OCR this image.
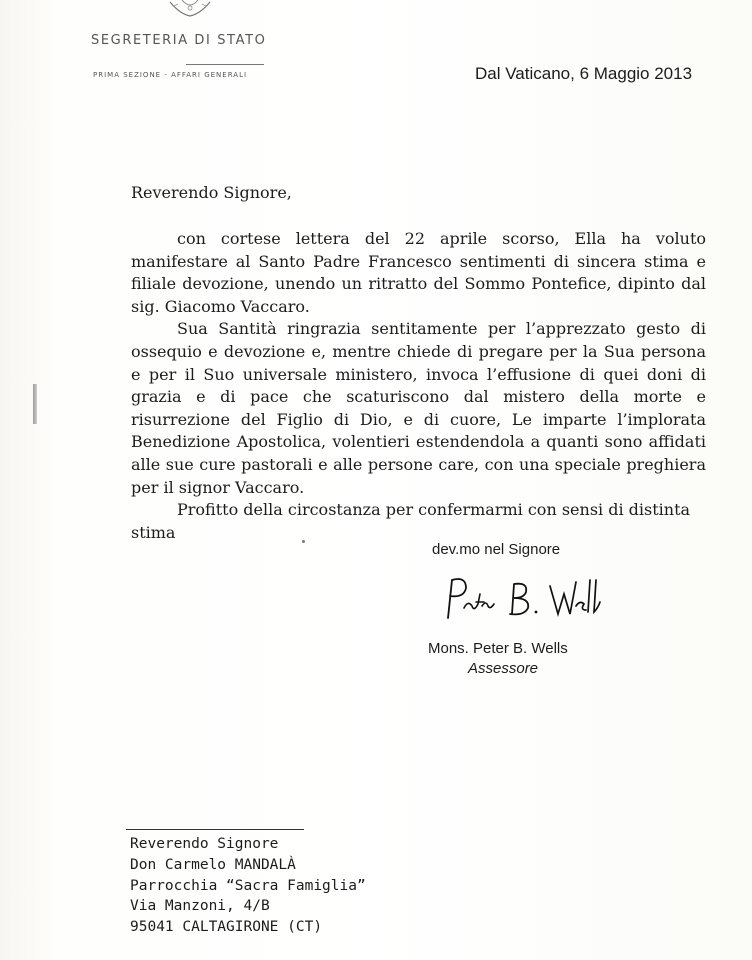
SEGRETERIA DI STATO
PRIMA SEZIONE - AFFARI GENERALI	Dal Vaticano, 6 Maggio 2013
Reverendo Signore,

con cortese lettera del 22 aprile scorso, Ella ha voluto manifestare al Santo Padre Francesco sentimenti di sincera stima e filiale devozione, unendo un ritratto del Sommo Pontefice, dipinto dal sig. Giacomo Vaccaro.

Sua Santità ringrazia sentitamente per l’apprezzato gesto di ossequio e devozione e, mentre chiede di pregare per la Sua persona e per il Suo universale ministero, invoca l’effusione di quei doni di grazia e di pace che scaturiscono dal mistero della morte e risurrezione del Figlio di Dio, e di cuore, Le imparte l’implorata Benedizione Apostolica, volentieri estendendola a quanti sono affidati alle sue cure pastorali e alle persone care, con una speciale preghiera per il signor Vaccaro.

Profitto della circostanza per confermarmi con sensi di distinta stima

dev.mo nel Signore
Mons. Peter B. Wells
Assessore
Reverendo Signore
Don Carmelo MANDALÀ
Parrocchia “Sacra Famiglia”
Via Manzoni, 4/B
95041 CALTAGIRONE (CT)
